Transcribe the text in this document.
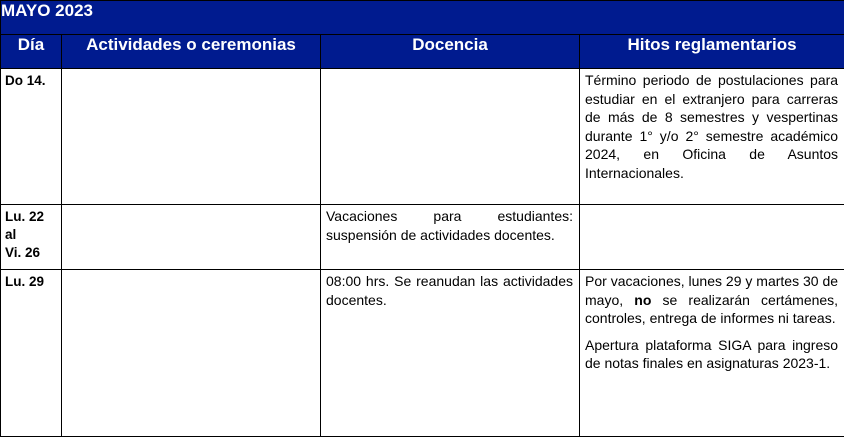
MAYO 2023			
Día	Actividades o ceremonias	Docencia	Hitos reglamentarios

Do 14.			Término periodo de postulaciones para estudiar en el extranjero para carreras de más de 8 semestres y vespertinas durante 1° y/o 2° semestre académico 2024, en Oficina de Asuntos Internacionales.

Lu. 22
al
Vi. 26		Vacaciones para estudiantes: suspensión de actividades docentes.	

Lu. 29		08:00 hrs. Se reanudan las actividades docentes.	Por vacaciones, lunes 29 y martes 30 de mayo, no se realizarán certámenes, controles, entrega de informes ni tareas.

Apertura plataforma SIGA para ingreso de notas finales en asignaturas 2023-1.
